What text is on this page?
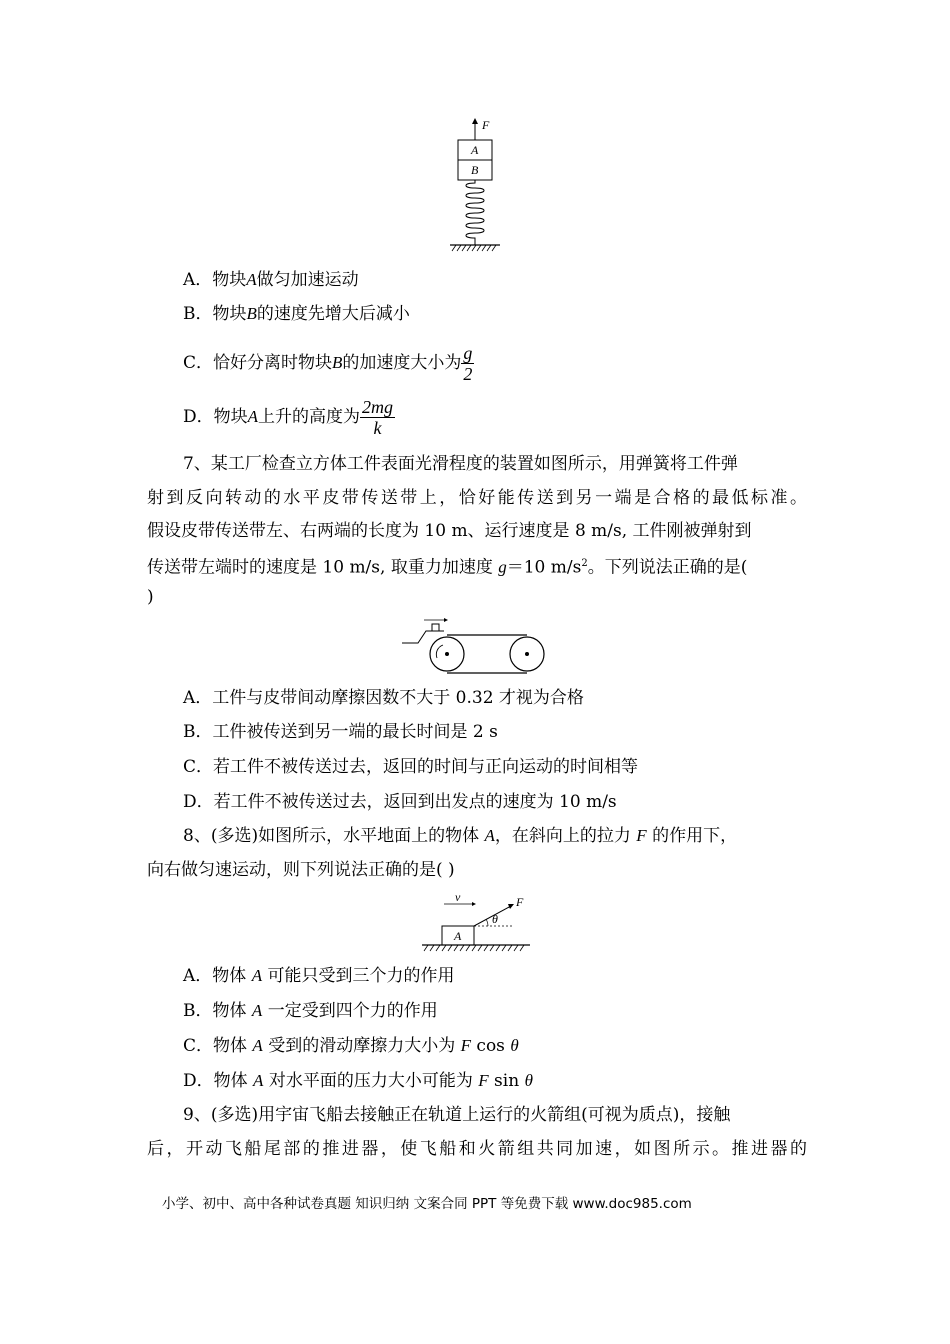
F
A
B
A．物块A做匀加速运动
B．物块B的速度先增大后减小
C．恰好分离时物块B的加速度大小为 $\frac{g}{2}$
D．物块A上升的高度为 $\frac{2mg}{k}$
7、某工厂检查立方体工件表面光滑程度的装置如图所示，用弹簧将工件弹
射到反向转动的水平皮带传送带上，恰好能传送到另一端是合格的最低标准。
假设皮带传送带左、右两端的长度为 10 m、运行速度是 8 m/s, 工件刚被弹射到
传送带左端时的速度是 10 m/s, 取重力加速度 g＝10 $m/s^2$。下列说法正确的是(
)
A．工件与皮带间动摩擦因数不大于 0.32 才视为合格
B．工件被传送到另一端的最长时间是 2 s
C．若工件不被传送过去，返回的时间与正向运动的时间相等
D．若工件不被传送过去，返回到出发点的速度为 10 m/s
8、(多选)如图所示，水平地面上的物体 A，在斜向上的拉力 F 的作用下，
向右做匀速运动，则下列说法正确的是( )
v
A
F
θ
A．物体 A 可能只受到三个力的作用
B．物体 A 一定受到四个力的作用
C．物体 A 受到的滑动摩擦力大小为 F cos θ
D．物体 A 对水平面的压力大小可能为 F sin θ
9、(多选)用宇宙飞船去接触正在轨道上运行的火箭组(可视为质点)，接触
后，开动飞船尾部的推进器，使飞船和火箭组共同加速，如图所示。推进器的
小学、初中、高中各种试卷真题 知识归纳 文案合同 PPT 等免费下载 www.doc985.com
